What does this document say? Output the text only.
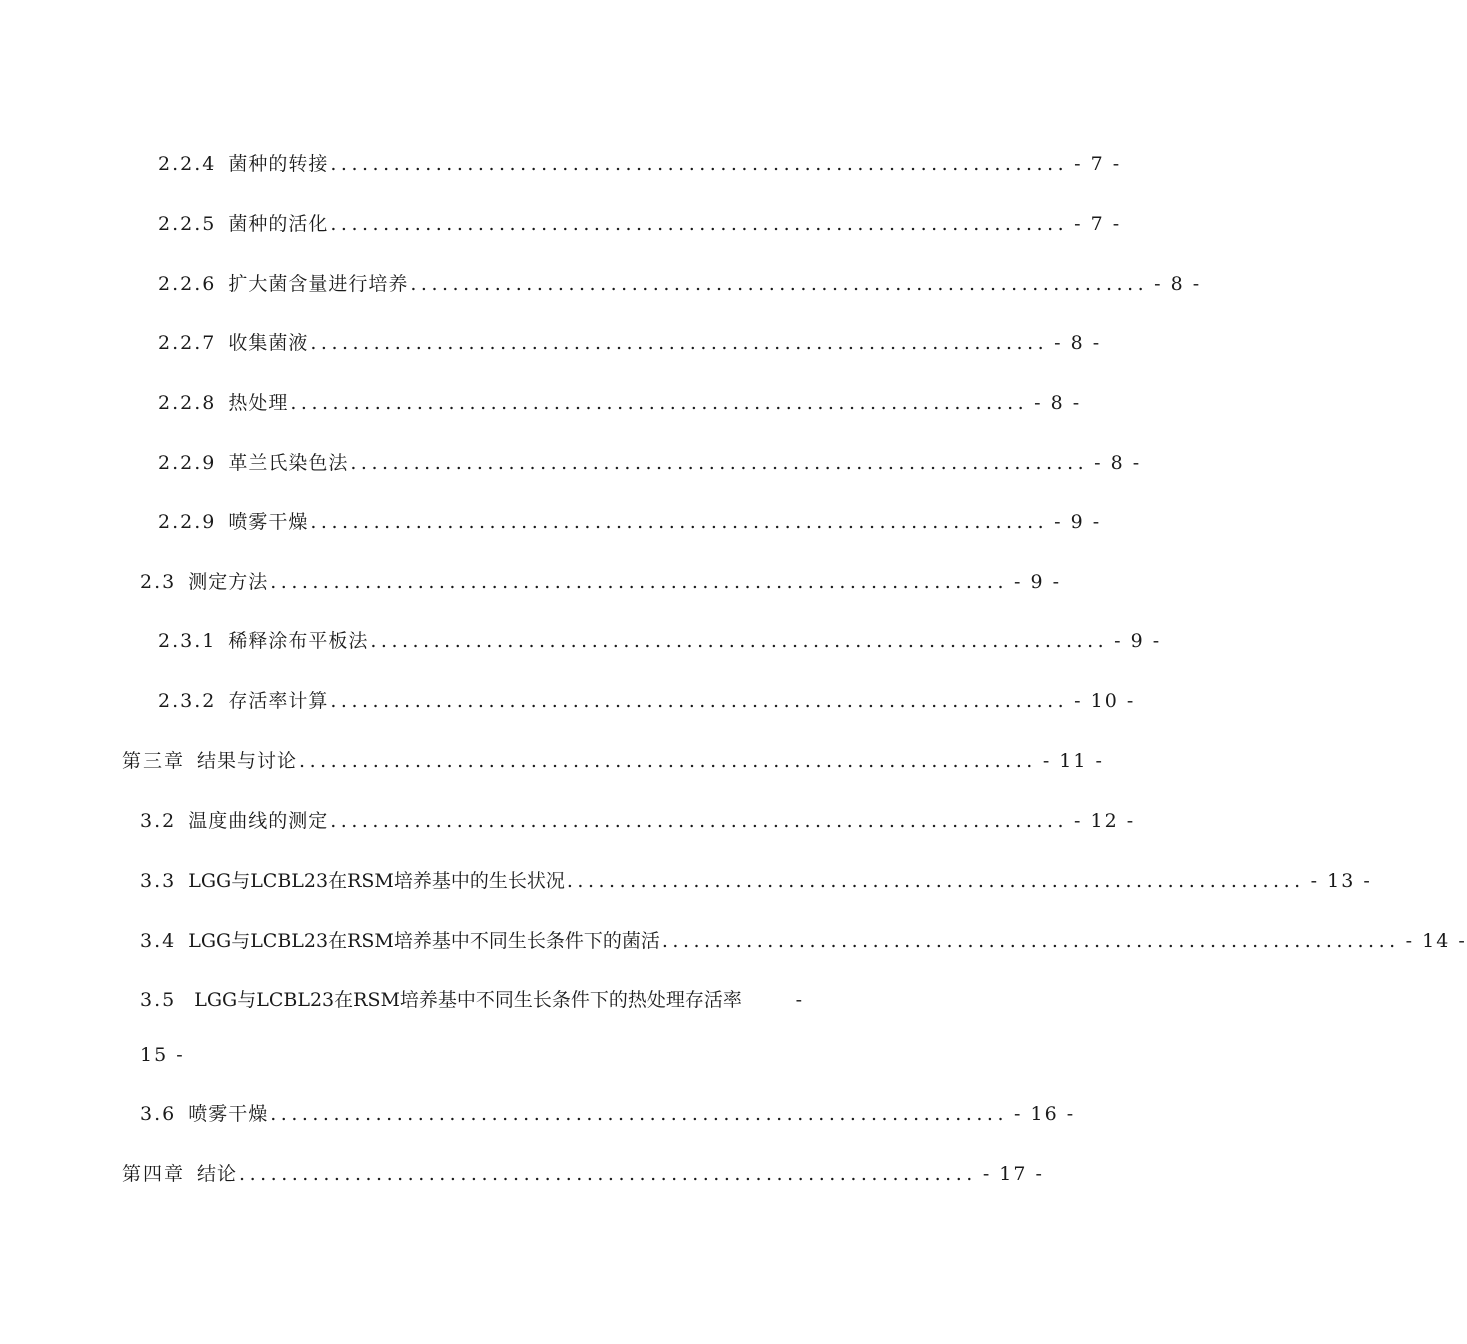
2.2.4 菌种的转接 ...................................................................... - 7 -
2.2.5 菌种的活化 ...................................................................... - 7 -
2.2.6 扩大菌含量进行培养 ...................................................................... - 8 -
2.2.7 收集菌液 ...................................................................... - 8 -
2.2.8 热处理 ...................................................................... - 8 -
2.2.9 革兰氏染色法 ...................................................................... - 8 -
2.2.9 喷雾干燥 ...................................................................... - 9 -
2.3 测定方法 ...................................................................... - 9 -
2.3.1 稀释涂布平板法 ...................................................................... - 9 -
2.3.2 存活率计算 ...................................................................... - 10 -
第三章 结果与讨论 ...................................................................... - 11 -
3.2 温度曲线的测定 ...................................................................... - 12 -
3.3 LGG与LCBL23在RSM培养基中的生长状况 ...................................................................... - 13 -
3.4 LGG与LCBL23在RSM培养基中不同生长条件下的菌活 ...................................................................... - 14 -
3.5 LGG与LCBL23在RSM培养基中不同生长条件下的热处理存活率	-
15 -
3.6 喷雾干燥 ...................................................................... - 16 -
第四章 结论 ...................................................................... - 17 -
